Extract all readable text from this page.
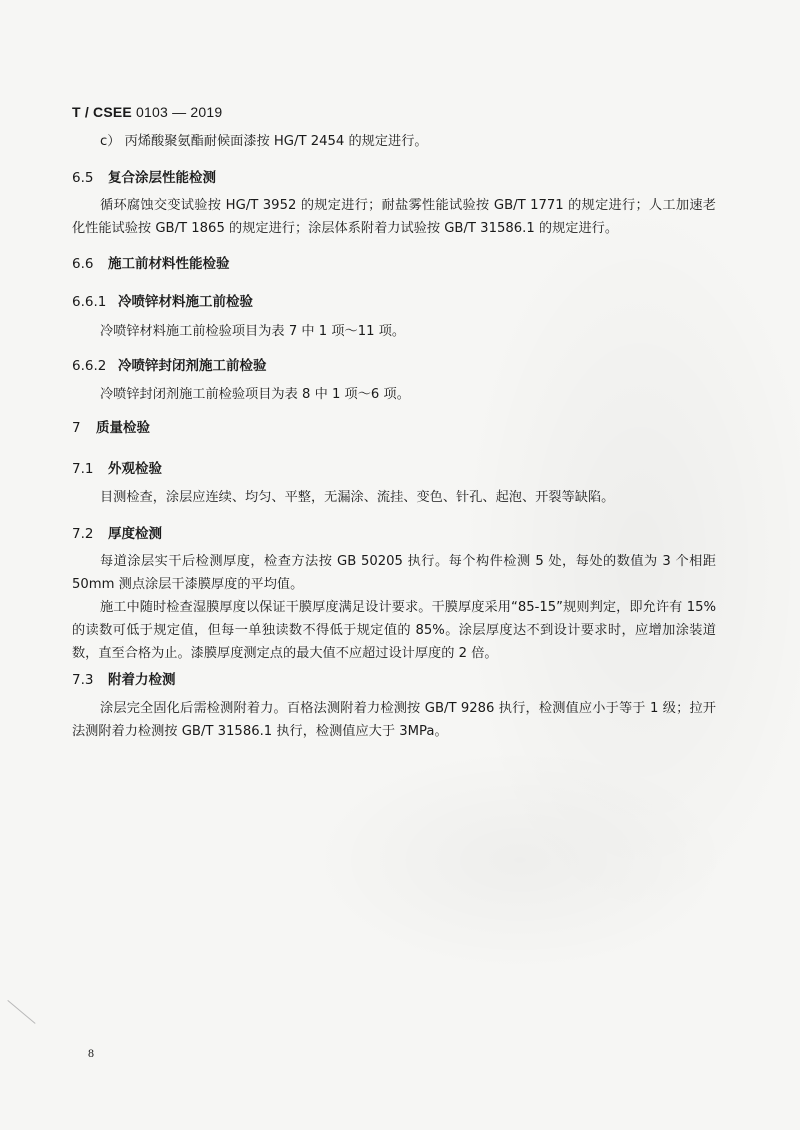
T / CSEE 0103 — 2019
c） 丙烯酸聚氨酯耐候面漆按 HG/T 2454 的规定进行。
6.5 复合涂层性能检测
循环腐蚀交变试验按 HG/T 3952 的规定进行；耐盐雾性能试验按 GB/T 1771 的规定进行；人工加速老化性能试验按 GB/T 1865 的规定进行；涂层体系附着力试验按 GB/T 31586.1 的规定进行。
6.6 施工前材料性能检验
6.6.1 冷喷锌材料施工前检验
冷喷锌材料施工前检验项目为表 7 中 1 项～11 项。
6.6.2 冷喷锌封闭剂施工前检验
冷喷锌封闭剂施工前检验项目为表 8 中 1 项～6 项。
7 质量检验
7.1 外观检验
目测检查，涂层应连续、均匀、平整，无漏涂、流挂、变色、针孔、起泡、开裂等缺陷。
7.2 厚度检测
每道涂层实干后检测厚度，检查方法按 GB 50205 执行。每个构件检测 5 处，每处的数值为 3 个相距 50mm 测点涂层干漆膜厚度的平均值。
施工中随时检查湿膜厚度以保证干膜厚度满足设计要求。干膜厚度采用“85-15”规则判定，即允许有 15%的读数可低于规定值，但每一单独读数不得低于规定值的 85%。涂层厚度达不到设计要求时，应增加涂装道数，直至合格为止。漆膜厚度测定点的最大值不应超过设计厚度的 2 倍。
7.3 附着力检测
涂层完全固化后需检测附着力。百格法测附着力检测按 GB/T 9286 执行，检测值应小于等于 1 级；拉开法测附着力检测按 GB/T 31586.1 执行，检测值应大于 3MPa。
8
